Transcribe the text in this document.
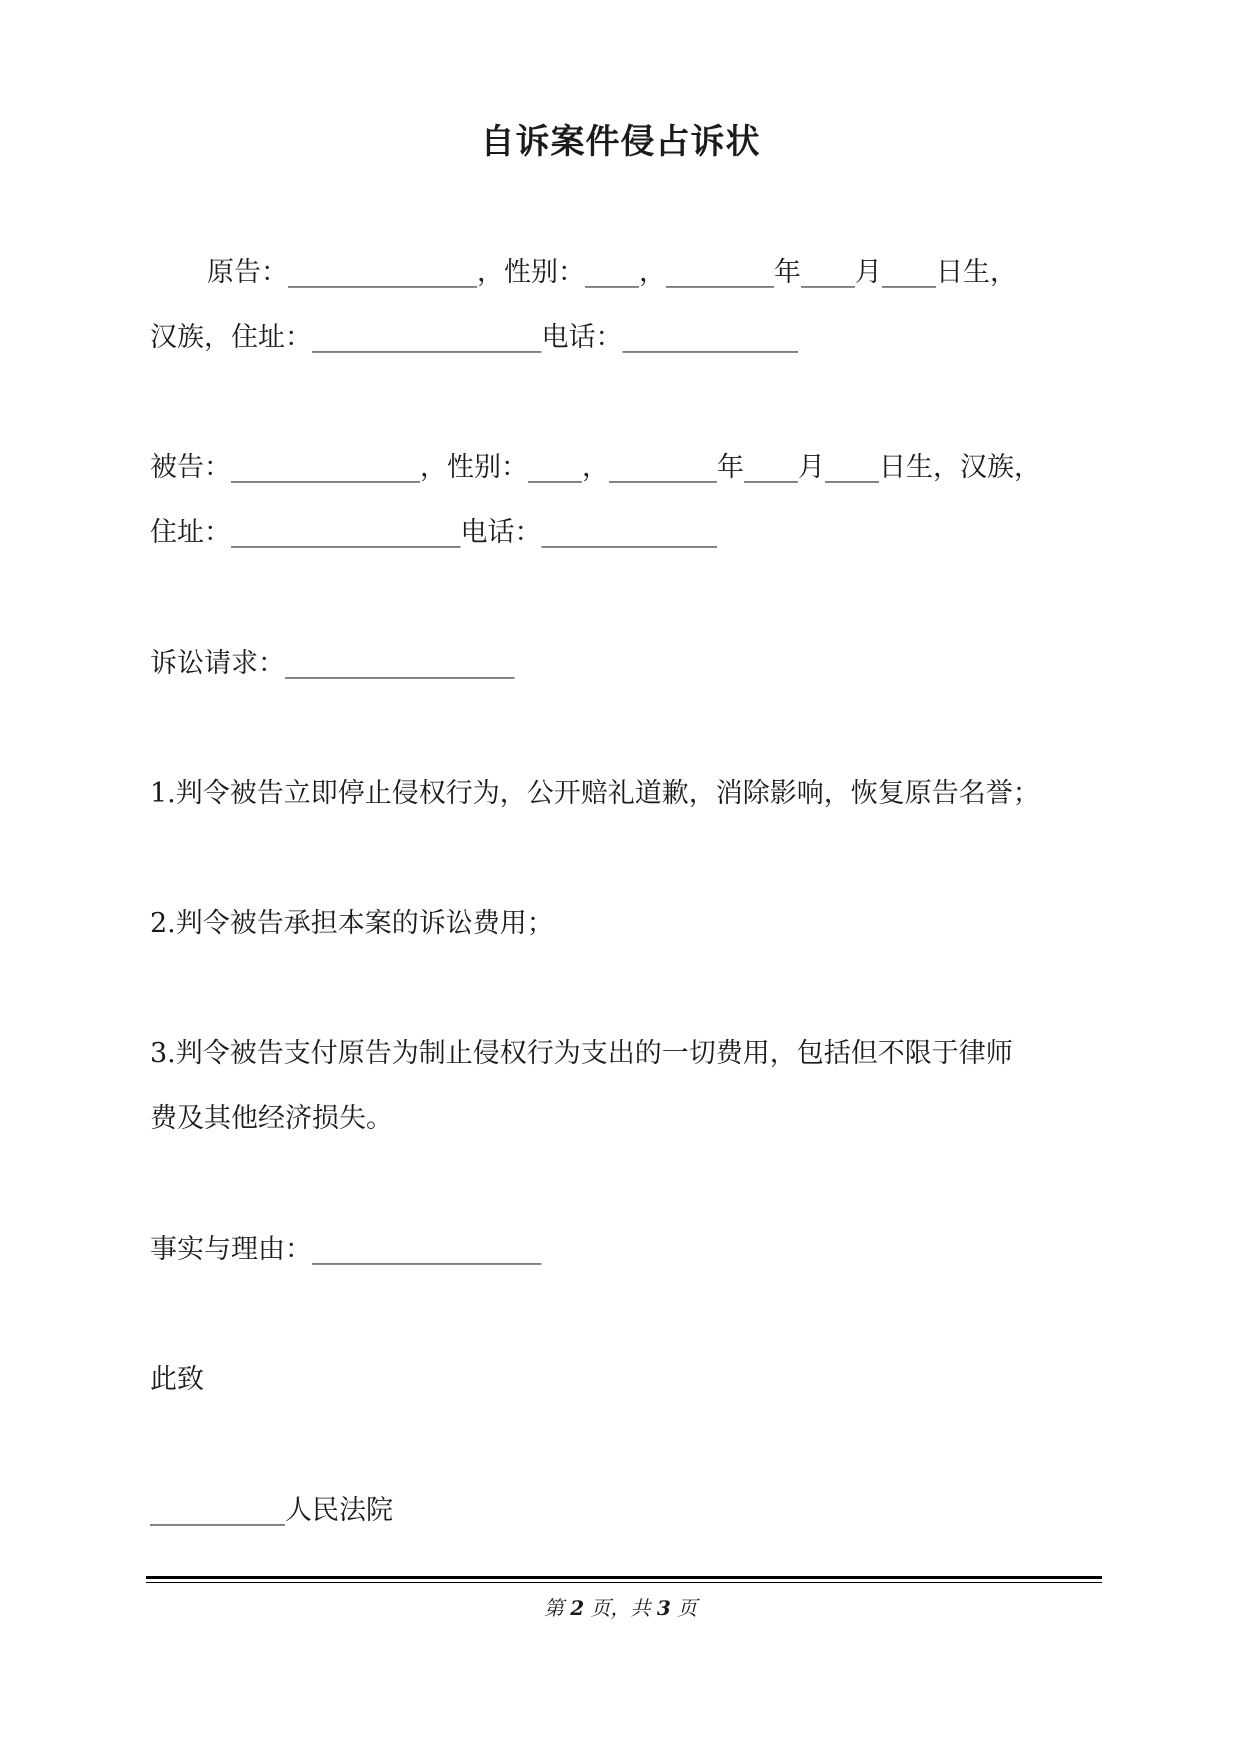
自诉案件侵占诉状
原告：______________，性别：____，________年____月____日生，
汉族，住址：_________________电话：_____________
被告：______________，性别：____，________年____月____日生，汉族，
住址：_________________电话：_____________
诉讼请求：_________________
1.判令被告立即停止侵权行为，公开赔礼道歉，消除影响，恢复原告名誉；
2.判令被告承担本案的诉讼费用；
3.判令被告支付原告为制止侵权行为支出的一切费用，包括但不限于律师
费及其他经济损失。
事实与理由：_________________
此致
__________人民法院
第 2 页，共 3 页
